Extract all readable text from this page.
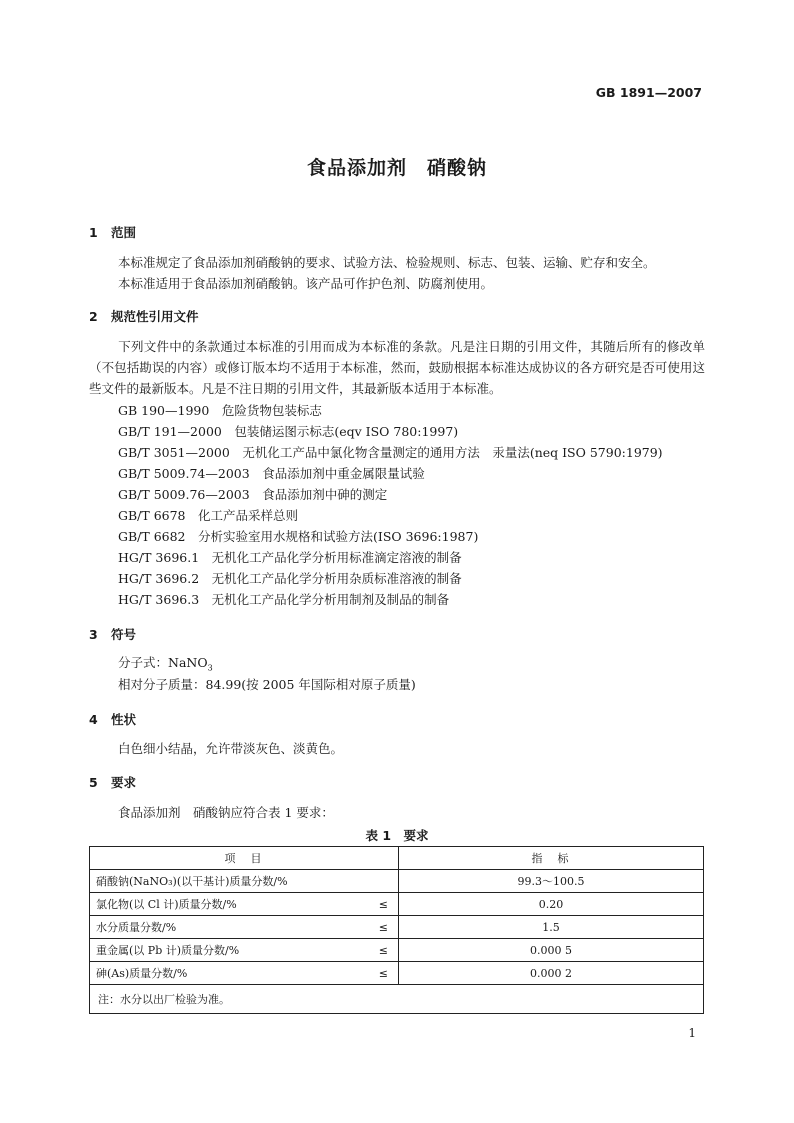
GB 1891—2007
食品添加剂　硝酸钠
1 范围
本标准规定了食品添加剂硝酸钠的要求、试验方法、检验规则、标志、包装、运输、贮存和安全。
本标准适用于食品添加剂硝酸钠。该产品可作护色剂、防腐剂使用。
2 规范性引用文件
下列文件中的条款通过本标准的引用而成为本标准的条款。凡是注日期的引用文件，其随后所有的修改单（不包括勘误的内容）或修订版本均不适用于本标准，然而，鼓励根据本标准达成协议的各方研究是否可使用这些文件的最新版本。凡是不注日期的引用文件，其最新版本适用于本标准。
GB 190—1990　危险货物包装标志
GB/T 191—2000　包装储运图示标志(eqv ISO 780:1997)
GB/T 3051—2000　无机化工产品中氯化物含量测定的通用方法　汞量法(neq ISO 5790:1979)
GB/T 5009.74—2003　食品添加剂中重金属限量试验
GB/T 5009.76—2003　食品添加剂中砷的测定
GB/T 6678　化工产品采样总则
GB/T 6682　分析实验室用水规格和试验方法(ISO 3696:1987)
HG/T 3696.1　无机化工产品化学分析用标准滴定溶液的制备
HG/T 3696.2　无机化工产品化学分析用杂质标准溶液的制备
HG/T 3696.3　无机化工产品化学分析用制剂及制品的制备
3 符号
分子式：NaNO$_3$
相对分子质量：84.99(按 2005 年国际相对原子质量)
4 性状
白色细小结晶，允许带淡灰色、淡黄色。
5 要求
食品添加剂　硝酸钠应符合表 1 要求：
表 1　要求
项　目	指　标

硝酸钠(NaNO₃)(以干基计)质量分数/%	99.3～100.5

氯化物(以 Cl 计)质量分数/% ≤	0.20

水分质量分数/% ≤	1.5

重金属(以 Pb 计)质量分数/% ≤	0.000 5

砷(As)质量分数/% ≤	0.000 2
注：水分以出厂检验为准。	
1
